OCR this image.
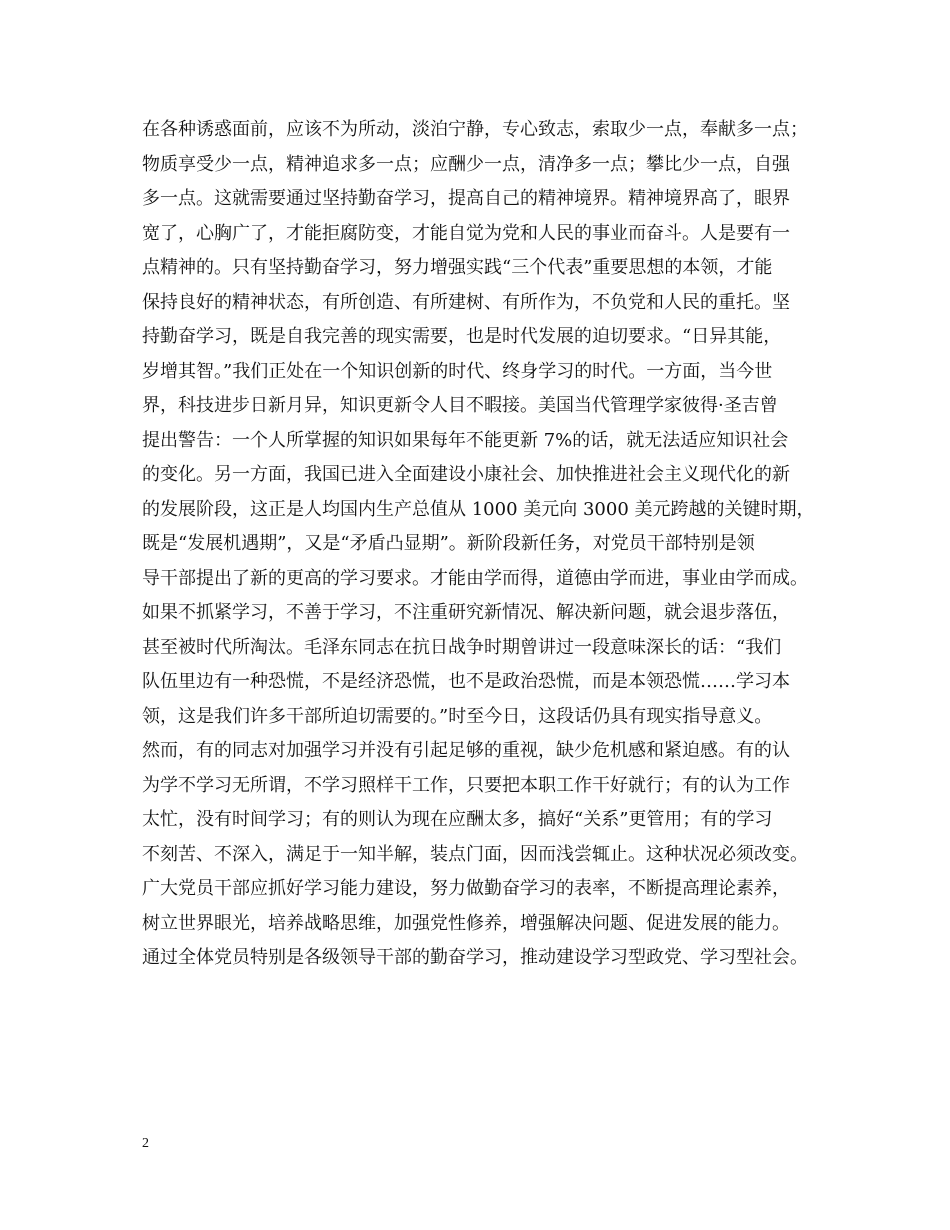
在各种诱惑面前，应该不为所动，淡泊宁静，专心致志，索取少一点，奉献多一点；
物质享受少一点，精神追求多一点；应酬少一点，清净多一点；攀比少一点，自强
多一点。这就需要通过坚持勤奋学习，提高自己的精神境界。精神境界高了，眼界
宽了，心胸广了，才能拒腐防变，才能自觉为党和人民的事业而奋斗。人是要有一
点精神的。只有坚持勤奋学习，努力增强实践“三个代表”重要思想的本领，才能
保持良好的精神状态，有所创造、有所建树、有所作为，不负党和人民的重托。坚
持勤奋学习，既是自我完善的现实需要，也是时代发展的迫切要求。“日异其能，
岁增其智。”我们正处在一个知识创新的时代、终身学习的时代。一方面，当今世
界，科技进步日新月异，知识更新令人目不暇接。美国当代管理学家彼得·圣吉曾
提出警告：一个人所掌握的知识如果每年不能更新 7%的话，就无法适应知识社会
的变化。另一方面，我国已进入全面建设小康社会、加快推进社会主义现代化的新
的发展阶段，这正是人均国内生产总值从 1000 美元向 3000 美元跨越的关键时期，
既是“发展机遇期”，又是“矛盾凸显期”。新阶段新任务，对党员干部特别是领
导干部提出了新的更高的学习要求。才能由学而得，道德由学而进，事业由学而成。
如果不抓紧学习，不善于学习，不注重研究新情况、解决新问题，就会退步落伍，
甚至被时代所淘汰。毛泽东同志在抗日战争时期曾讲过一段意味深长的话：“我们
队伍里边有一种恐慌，不是经济恐慌，也不是政治恐慌，而是本领恐慌……学习本
领，这是我们许多干部所迫切需要的。”时至今日，这段话仍具有现实指导意义。
然而，有的同志对加强学习并没有引起足够的重视，缺少危机感和紧迫感。有的认
为学不学习无所谓，不学习照样干工作，只要把本职工作干好就行；有的认为工作
太忙，没有时间学习；有的则认为现在应酬太多，搞好“关系”更管用；有的学习
不刻苦、不深入，满足于一知半解，装点门面，因而浅尝辄止。这种状况必须改变。
广大党员干部应抓好学习能力建设，努力做勤奋学习的表率，不断提高理论素养，
树立世界眼光，培养战略思维，加强党性修养，增强解决问题、促进发展的能力。
通过全体党员特别是各级领导干部的勤奋学习，推动建设学习型政党、学习型社会。
2
